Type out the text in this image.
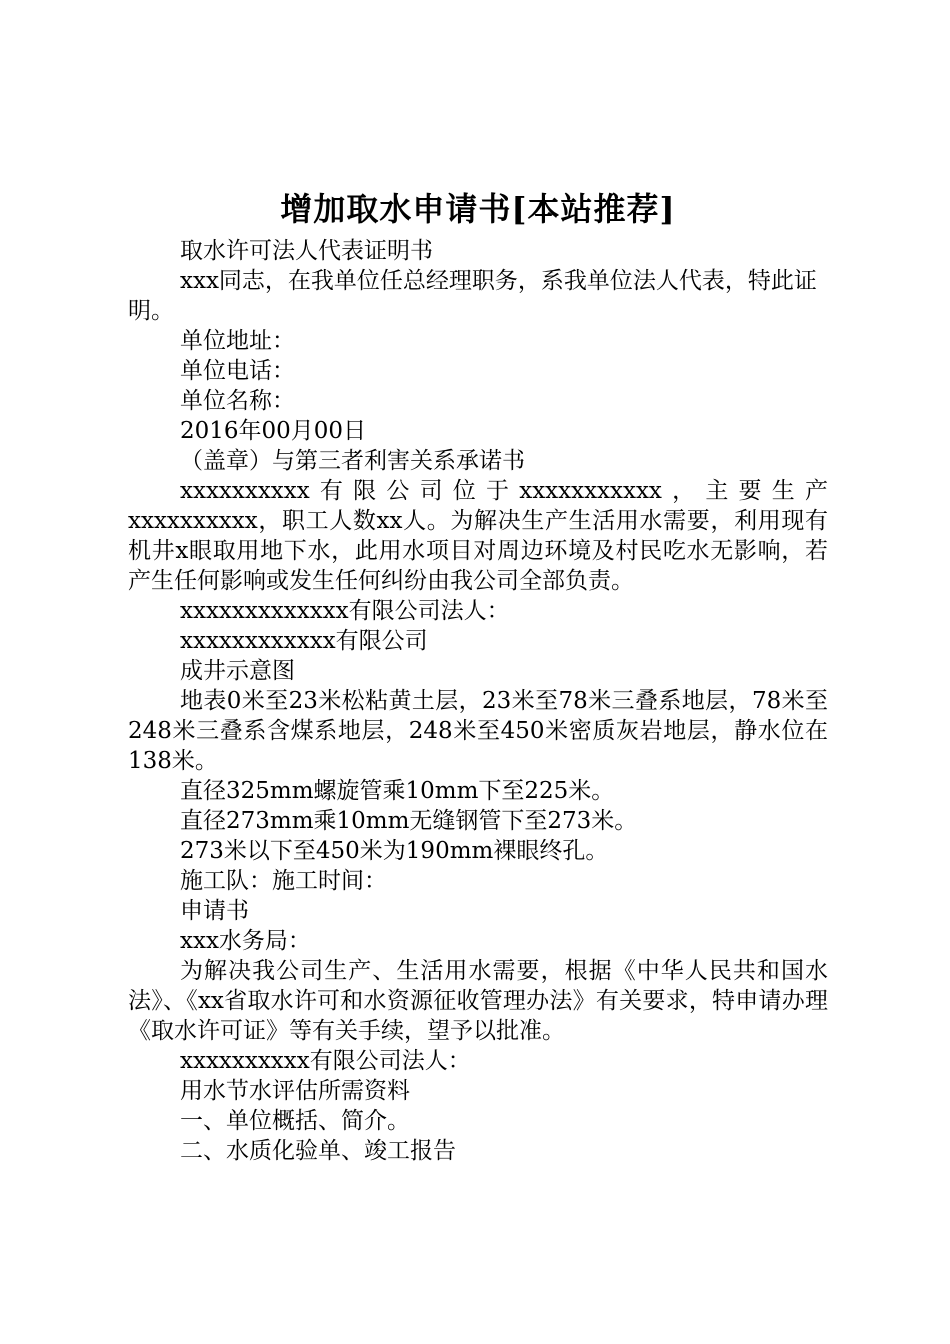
增加取水申请书[本站推荐]

取水许可法人代表证明书

xxx同志，在我单位任总经理职务，系我单位法人代表，特此证明。

单位地址：

单位电话：

单位名称：

2016年00月00日

（盖章）与第三者利害关系承诺书

xxxxxxxxxx有限公司位于xxxxxxxxxxx，主要生产xxxxxxxxxx，职工人数xx人。为解决生产生活用水需要，利用现有机井x眼取用地下水，此用水项目对周边环境及村民吃水无影响，若产生任何影响或发生任何纠纷由我公司全部负责。

xxxxxxxxxxxxx有限公司法人：

xxxxxxxxxxxx有限公司

成井示意图

地表0米至23米松粘黄土层，23米至78米三叠系地层，78米至248米三叠系含煤系地层，248米至450米密质灰岩地层，静水位在138米。

直径325mm螺旋管乘10mm下至225米。

直径273mm乘10mm无缝钢管下至273米。

273米以下至450米为190mm裸眼终孔。

施工队：施工时间：

申请书

xxx水务局：

为解决我公司生产、生活用水需要，根据《中华人民共和国水法》、《xx省取水许可和水资源征收管理办法》有关要求，特申请办理《取水许可证》等有关手续，望予以批准。

xxxxxxxxxx有限公司法人：

用水节水评估所需资料

一、单位概括、简介。

二、水质化验单、竣工报告
